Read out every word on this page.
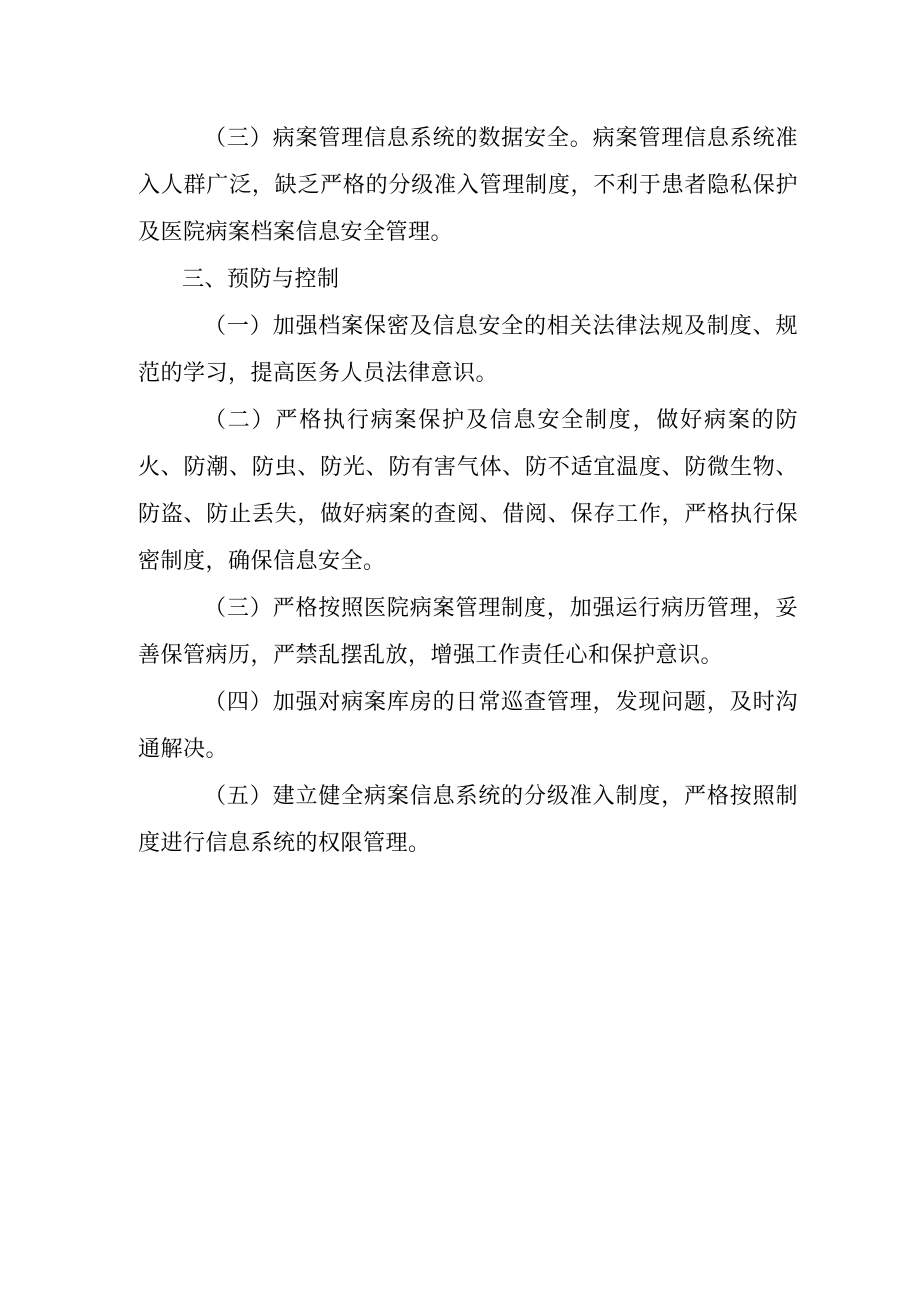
（三）病案管理信息系统的数据安全。病案管理信息系统准入人群广泛，缺乏严格的分级准入管理制度，不利于患者隐私保护及医院病案档案信息安全管理。

三、预防与控制

（一）加强档案保密及信息安全的相关法律法规及制度、规范的学习，提高医务人员法律意识。

（二）严格执行病案保护及信息安全制度，做好病案的防火、防潮、防虫、防光、防有害气体、防不适宜温度、防微生物、防盗、防止丢失，做好病案的查阅、借阅、保存工作，严格执行保密制度，确保信息安全。

（三）严格按照医院病案管理制度，加强运行病历管理，妥善保管病历，严禁乱摆乱放，增强工作责任心和保护意识。

（四）加强对病案库房的日常巡查管理，发现问题，及时沟通解决。

（五）建立健全病案信息系统的分级准入制度，严格按照制度进行信息系统的权限管理。
